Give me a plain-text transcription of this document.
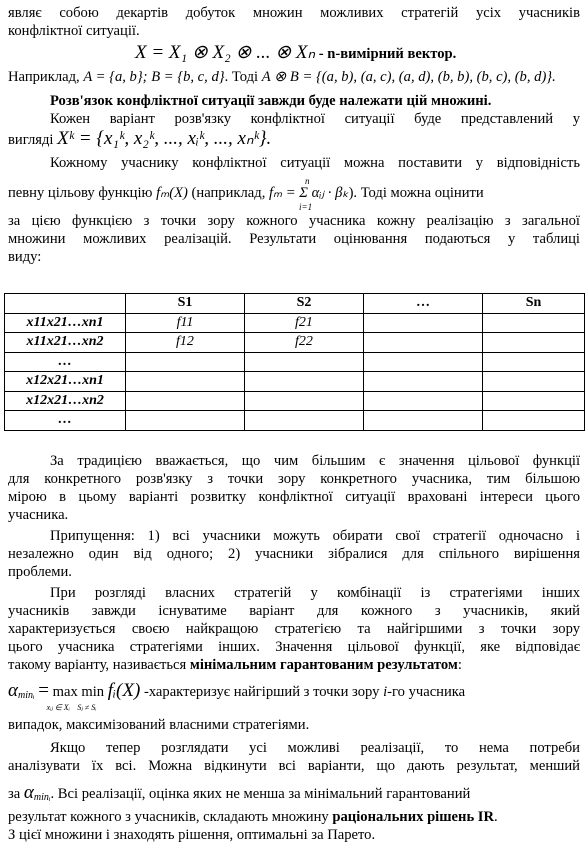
являє собою декартів добуток множин можливих стратегій усіх учасників
конфліктної ситуації.
X = X₁ ⊗ X₂ ⊗ ... ⊗ Xₙ - n-вимірний вектор.
Наприклад, A = {a, b}; B = {b, c, d}. Тоді A ⊗ B = {(a, b), (a, c), (a, d), (b, b), (b, c), (b, d)}.
Розв'язок конфліктної ситуації завжди буде належати цій множині.
Кожен варіант розв'язку конфліктної ситуації буде представлений у
вигляді Xᵏ = {x₁ᵏ, x₂ᵏ, ..., xᵢᵏ, ..., xₙᵏ}.
Кожному учаснику конфліктної ситуації можна поставити у відповідність
певну цільову функцію fₘ(X) (наприклад, fₘ = Σ αᵢⱼ · βₖ
n
i=1
). Тоді можна оцінити
за цією функцією з точки зору кожного учасника кожну реалізацію з загальної
множини можливих реалізацій. Результати оцінювання подаються у таблиці
виду:
	S1	S2	…	Sn
x11x21…xn1	f11	f21		
x11x21…xn2	f12	f22		
…				
x12x21…xn1				
x12x21…xn2				
…				
За традицією вважається, що чим більшим є значення цільової функції
для конкретного розв'язку з точки зору конкретного учасника, тим більшою
мірою в цьому варіанті розвитку конфліктної ситуації враховані інтереси цього
учасника.
Припущення: 1) всі учасники можуть обирати свої стратегії одночасно і
незалежно один від одного; 2) учасники зібралися для спільного вирішення
проблеми.
При розгляді власних стратегій у комбінації із стратегіями інших
учасників завжди існуватиме варіант для кожного з учасників, який
характеризується своєю найкращою стратегією та найгіршими з точки зору
цього учасника стратегіями інших. Значення цільової функції, яке відповідає
такому варіанту, називається мінімальним гарантованим результатом:
$\alpha_{minᵢ} = \max$
xᵢⱼ ∈ Xᵢ
min
Sⱼ ≠ Sᵢ
fᵢ(X) -характеризує найгірший з точки зору i-го учасника
випадок, максимізований власними стратегіями.
Якщо тепер розглядати усі можливі реалізації, то нема потреби
аналізувати їх всі. Можна відкинути всі варіанти, що дають результат, менший
за $\alpha_{minᵢ}$. Всі реалізації, оцінка яких не менша за мінімальний гарантований
результат кожного з учасників, складають множину раціональних рішень IR.
З цієї множини і знаходять рішення, оптимальні за Парето.
